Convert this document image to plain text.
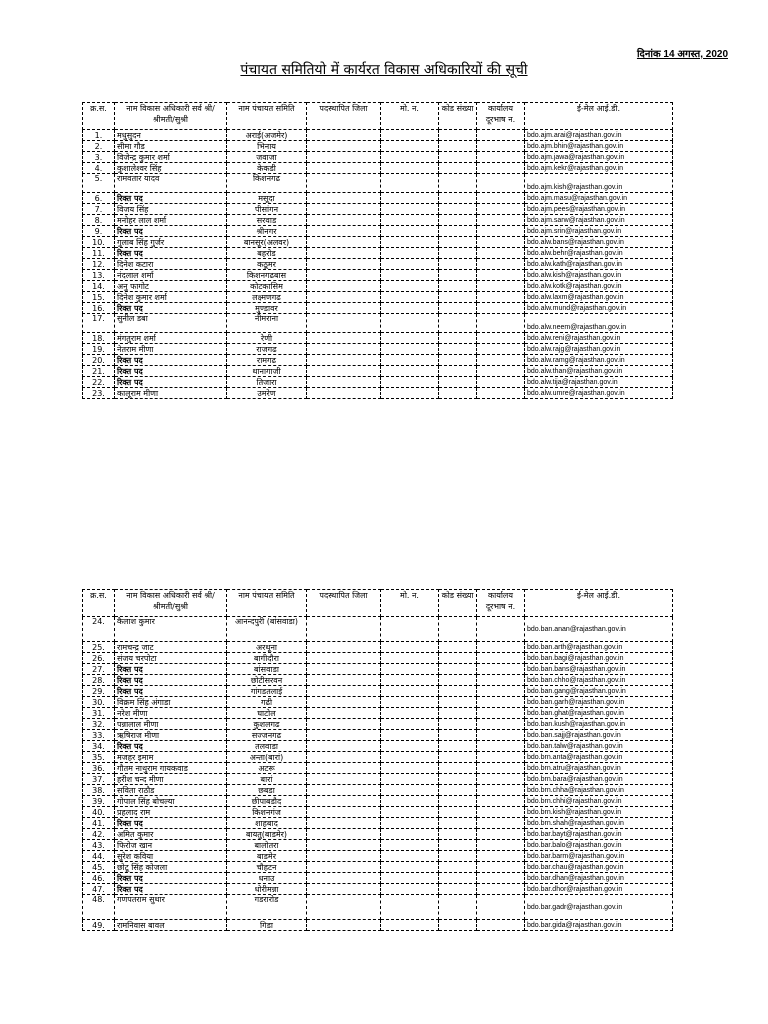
दिनांक 14 अगस्त, 2020
पंचायत समितियो में कार्यरत विकास अधिकारियों की सूची
क्र.स.	नाम विकास अधिकारी सर्व श्री/श्रीमती/सुश्री	नाम पंचायत समिति	पदस्थापित जिला	मो. न.	कोड संख्या	कार्यालय दूरभाष न.	ई-मेल आई.डी.
1.	मधुसुदन	अराई(अजमेर)					bdo.ajm.arai@rajasthan.gov.in
2.	सीमा गौड	भिनाय					bdo.ajm.bhin@rajasthan.gov.in
3.	विजेन्द्र कुमार शर्मा	जवाजा					bdo.ajm.jawa@rajasthan.gov.in
4.	कुशालेश्वर सिंह	केकडी					bdo.ajm.kekr@rajasthan.gov.in
5.	रामवतार यादव	किशनगढ					bdo.ajm.kish@rajasthan.gov.in
6.	रिक्त पद	मसूदा					bdo.ajm.masu@rajasthan.gov.in
7.	विजय सिंह	पीसांगन					bdo.ajm.pees@rajasthan.gov.in
8.	मनोहर लाल शर्मा	सरवाड					bdo.ajm.sarw@rajasthan.gov.in
9.	रिक्त पद	श्रीनगर					bdo.ajm.srin@rajasthan.gov.in
10.	गुलाब सिंह गुर्जर	बानसूर(अलवर)					bdo.alw.bans@rajasthan.gov.in
11.	रिक्त पद	बहरोड					bdo.alw.behr@rajasthan.gov.in
12.	दिनेश कटारा	कठूमर					bdo.alw.kath@rajasthan.gov.in
13.	नंदलाल शर्मा	किशनगढबास					bdo.alw.kish@rajasthan.gov.in
14.	अनु फागोट	कोटकासिम					bdo.alw.kotk@rajasthan.gov.in
15.	दिनेश कुमार शर्मा	लक्ष्मणगढ					bdo.alw.laxm@rajasthan.gov.in
16.	रिक्त पद	मुण्डावर					bdo.alw.mund@rajasthan.gov.in
17.	सुनील डबा	नीमराना					bdo.alw.neem@rajasthan.gov.in
18.	मंगतुराम शर्मा	रेणी					bdo.alw.reni@rajasthan.gov.in
19.	नेतराम मीणा	राजगढ					bdo.alw.rajg@rajasthan.gov.in
20.	रिक्त पद	रामगढ					bdo.alw.ramg@rajasthan.gov.in
21.	रिक्त पद	थानागाजी					bdo.alw.than@rajasthan.gov.in
22.	रिक्त पद	तिजारा					bdo.alw.tija@rajasthan.gov.in
23.	कालूराम मीणा	उमरेण					bdo.alw.umre@rajasthan.gov.in
क्र.स.	नाम विकास अधिकारी सर्व श्री/श्रीमती/सुश्री	नाम पंचायत समिति	पदस्थापित जिला	मो. न.	कोड संख्या	कार्यालय दूरभाष न.	ई-मेल आई.डी.
24.	कैलाश कुमार	आनन्दपुरी (बांसवाडा)					bdo.ban.anan@rajasthan.gov.in
25.	रामचन्द्र जाट	अरथूना					bdo.ban.arth@rajasthan.gov.in
26.	संजय चरपोटा	बागीदौरा					bdo.ban.bagi@rajasthan.gov.in
27.	रिक्त पद	बांसवाडा					bdo.ban.bans@rajasthan.gov.in
28.	रिक्त पद	छोटीसरवन					bdo.ban.chho@rajasthan.gov.in
29.	रिक्त पद	गांगडतलाई					bdo.ban.gang@rajasthan.gov.in
30.	विक्रम सिंह अंगाडा	गढी					bdo.ban.garh@rajasthan.gov.in
31.	नरेश मीणा	घाटोल					bdo.ban.ghat@rajasthan.gov.in
32.	पन्नालाल मीणा	कुशलगढ					bdo.ban.kush@rajasthan.gov.in
33.	ऋषिराज मीणा	सज्जनगढ					bdo.ban.sajj@rajasthan.gov.in
34.	रिक्त पद	तलवाडा					bdo.ban.talw@rajasthan.gov.in
35.	मजहर इमाम	अन्ता(बारां)					bdo.brn.anta@rajasthan.gov.in
36.	गौतम नाथुराम गायकवाड	अटरू					bdo.brn.atru@rajasthan.gov.in
37.	हरीश चन्द मीणा	बारां					bdo.brn.bara@rajasthan.gov.in
38.	सविता राठौड	छबडा					bdo.brn.chha@rajasthan.gov.in
39.	गोपाल सिंह बोचल्या	छीपाबडौद					bdo.brn.chhi@rajasthan.gov.in
40.	प्रहलाद राम	किशनगंज					bdo.brn.kish@rajasthan.gov.in
41.	रिक्त पद	शाहबाद					bdo.brn.shah@rajasthan.gov.in
42.	अमित कुमार	बायतु(बाडमेर)					bdo.bar.bayt@rajasthan.gov.in
43.	फिरोज खान	बालोतरा					bdo.bar.balo@rajasthan.gov.in
44.	सुरेश कविया	बाडमेर					bdo.bar.barm@rajasthan.gov.in
45.	छोटू सिंह कोजला	चौहटन					bdo.bar.chau@rajasthan.gov.in
46.	रिक्त पद	धनाउ					bdo.bar.dhan@rajasthan.gov.in
47.	रिक्त पद	धोरीमन्ना					bdo.bar.dhor@rajasthan.gov.in
48.	गणपतराम सुथार	गडरारोड					bdo.bar.gadr@rajasthan.gov.in
49.	रामनिवास बावल	गिडा					bdo.bar.gida@rajasthan.gov.in
